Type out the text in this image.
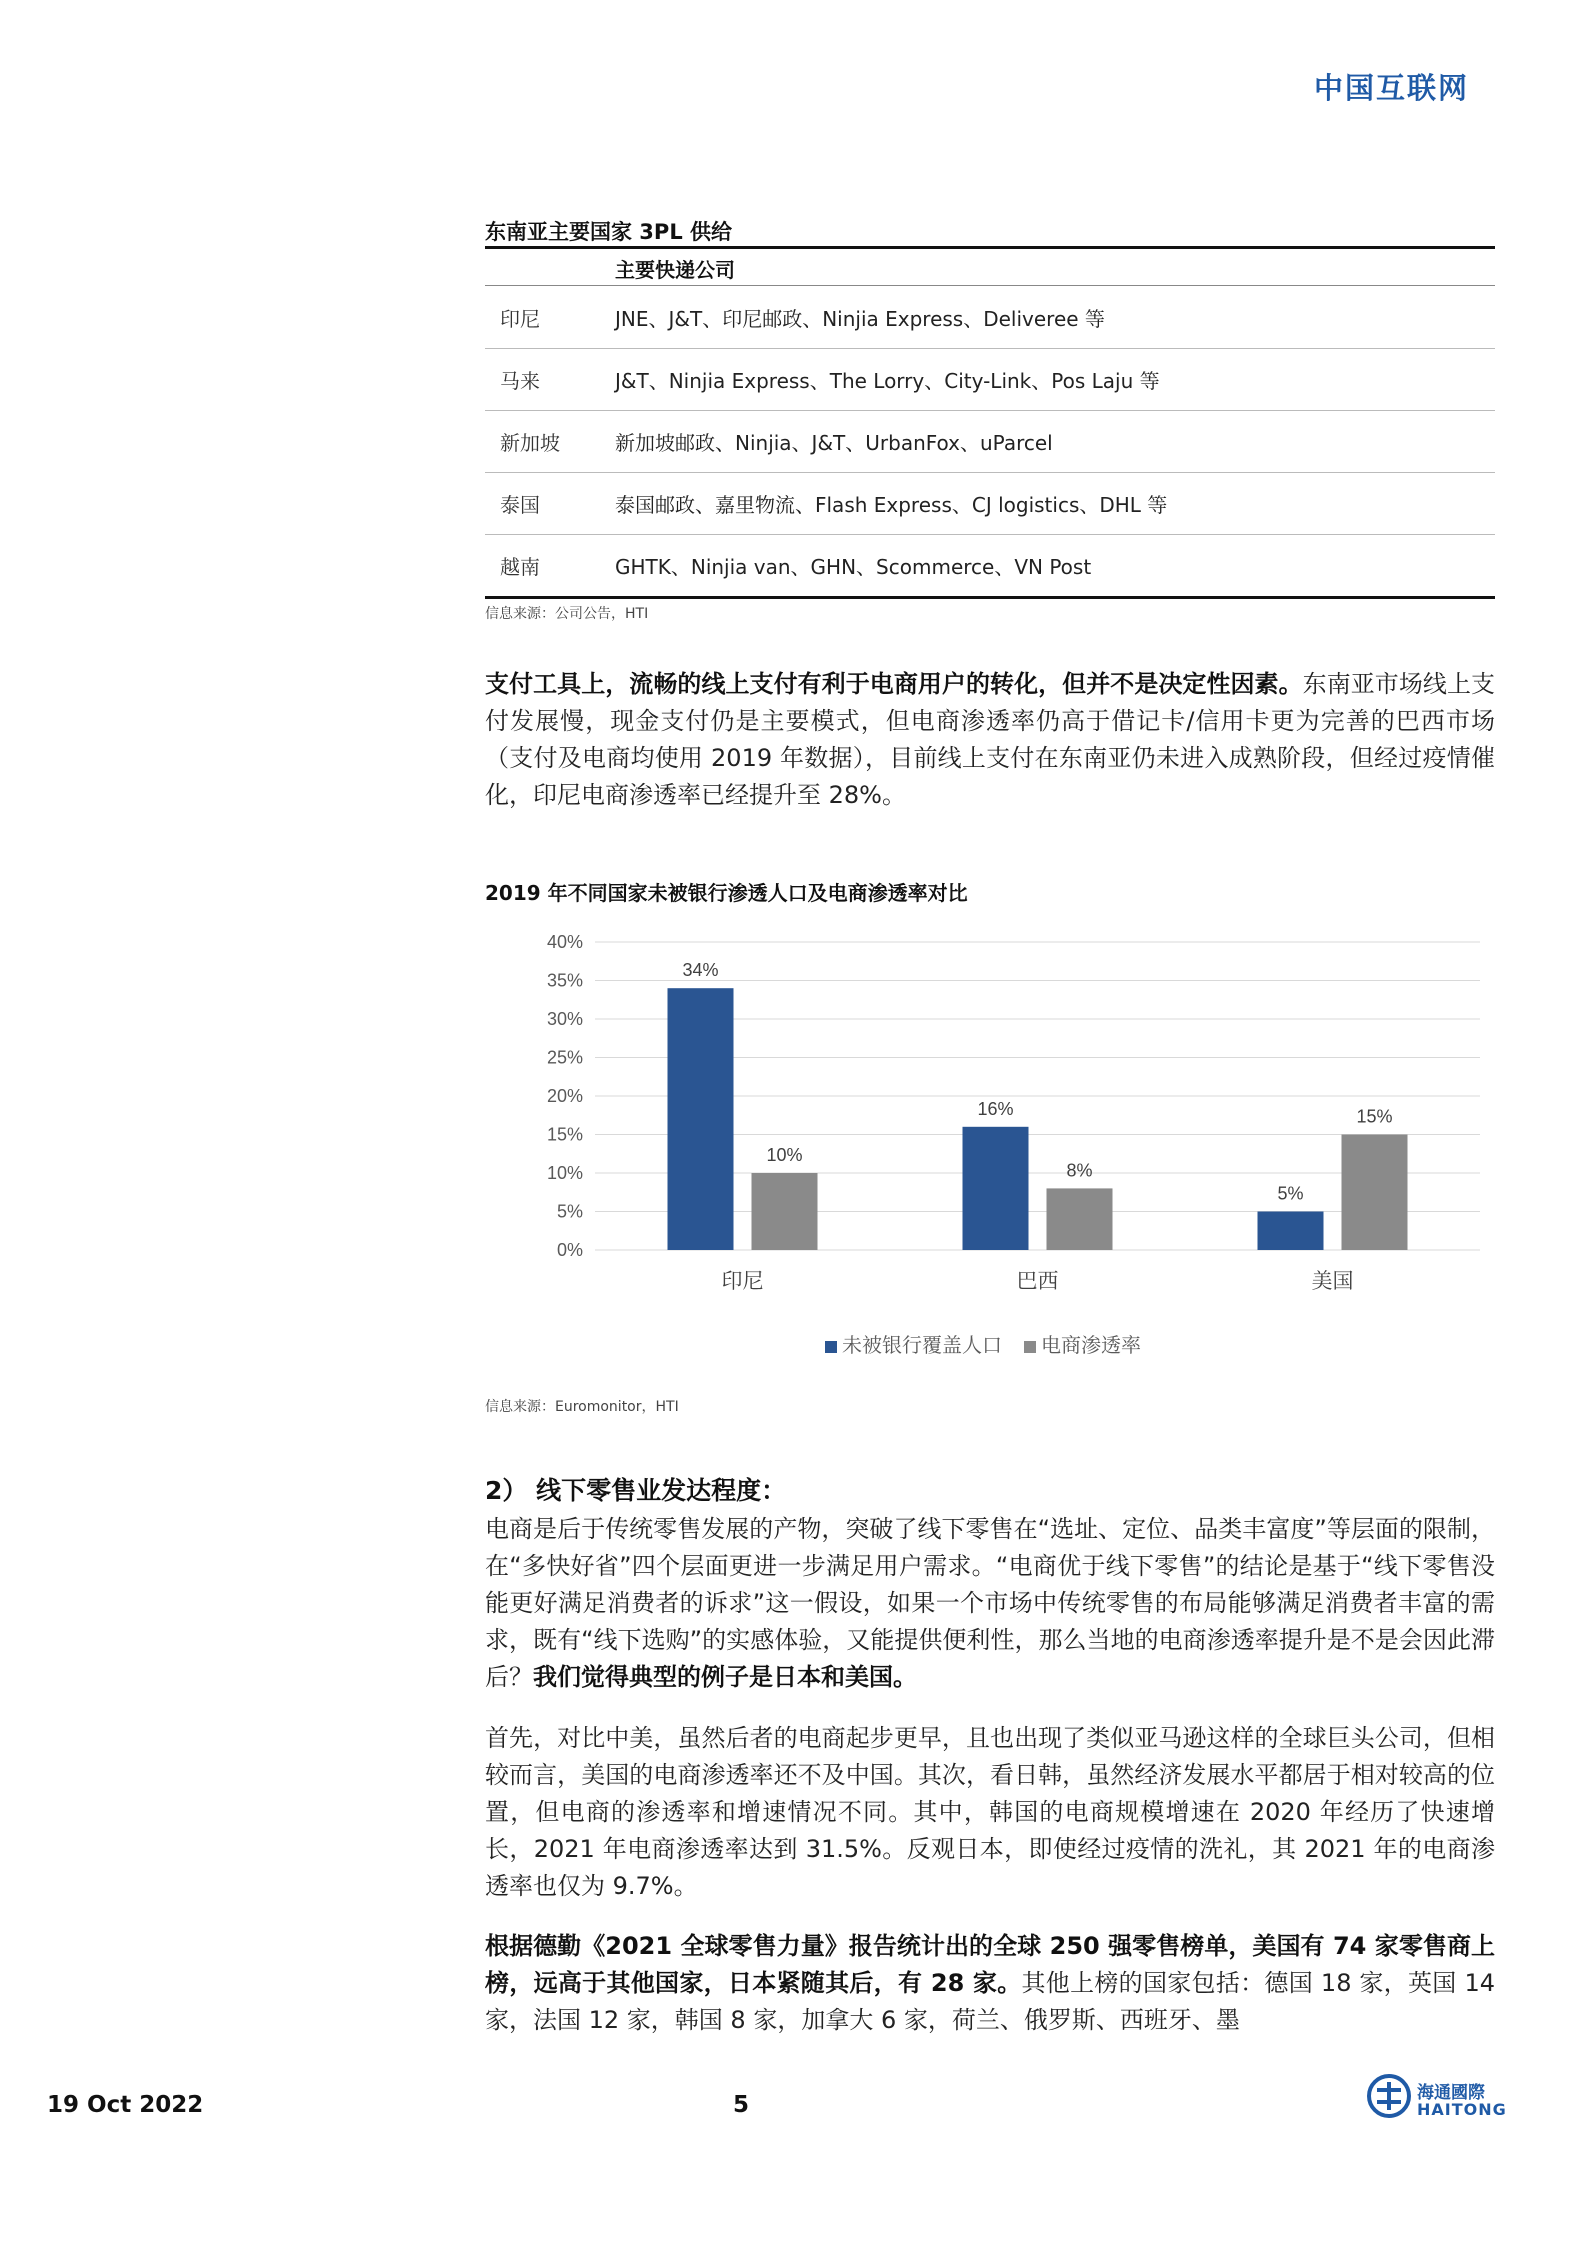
中国互联网
东南亚主要国家 3PL 供给
主要快递公司
印尼	JNE、J&T、印尼邮政、Ninjia Express、Deliveree 等
马来	J&T、Ninjia Express、The Lorry、City-Link、Pos Laju 等
新加坡	新加坡邮政、Ninjia、J&T、UrbanFox、uParcel
泰国	泰国邮政、嘉里物流、Flash Express、CJ logistics、DHL 等
越南	GHTK、Ninjia van、GHN、Scommerce、VN Post
信息来源：公司公告，HTI
支付工具上，流畅的线上支付有利于电商用户的转化，但并不是决定性因素。东南亚市场线上支付发展慢，现金支付仍是主要模式，但电商渗透率仍高于借记卡/信用卡更为完善的巴西市场（支付及电商均使用 2019 年数据），目前线上支付在东南亚仍未进入成熟阶段，但经过疫情催化，印尼电商渗透率已经提升至 28%。
2019 年不同国家未被银行渗透人口及电商渗透率对比
0%
5%
10%
15%
20%
25%
30%
35%
40%
34%
10%
印尼
16%
8%
巴西
5%
15%
美国
未被银行覆盖人口 电商渗透率
信息来源：Euromonitor，HTI
2） 线下零售业发达程度：
电商是后于传统零售发展的产物，突破了线下零售在“选址、定位、品类丰富度”等层面的限制，在“多快好省”四个层面更进一步满足用户需求。“电商优于线下零售”的结论是基于“线下零售没能更好满足消费者的诉求”这一假设，如果一个市场中传统零售的布局能够满足消费者丰富的需求，既有“线下选购”的实感体验，又能提供便利性，那么当地的电商渗透率提升是不是会因此滞后？我们觉得典型的例子是日本和美国。
首先，对比中美，虽然后者的电商起步更早，且也出现了类似亚马逊这样的全球巨头公司，但相较而言，美国的电商渗透率还不及中国。其次，看日韩，虽然经济发展水平都居于相对较高的位置，但电商的渗透率和增速情况不同。其中，韩国的电商规模增速在 2020 年经历了快速增长，2021 年电商渗透率达到 31.5%。反观日本，即使经过疫情的洗礼，其 2021 年的电商渗透率也仅为 9.7%。
根据德勤《2021 全球零售力量》报告统计出的全球 250 强零售榜单，美国有 74 家零售商上榜，远高于其他国家，日本紧随其后，有 28 家。其他上榜的国家包括：德国 18 家，英国 14 家，法国 12 家，韩国 8 家，加拿大 6 家，荷兰、俄罗斯、西班牙、墨
19 Oct 2022	5	海通國際
HAITONG
